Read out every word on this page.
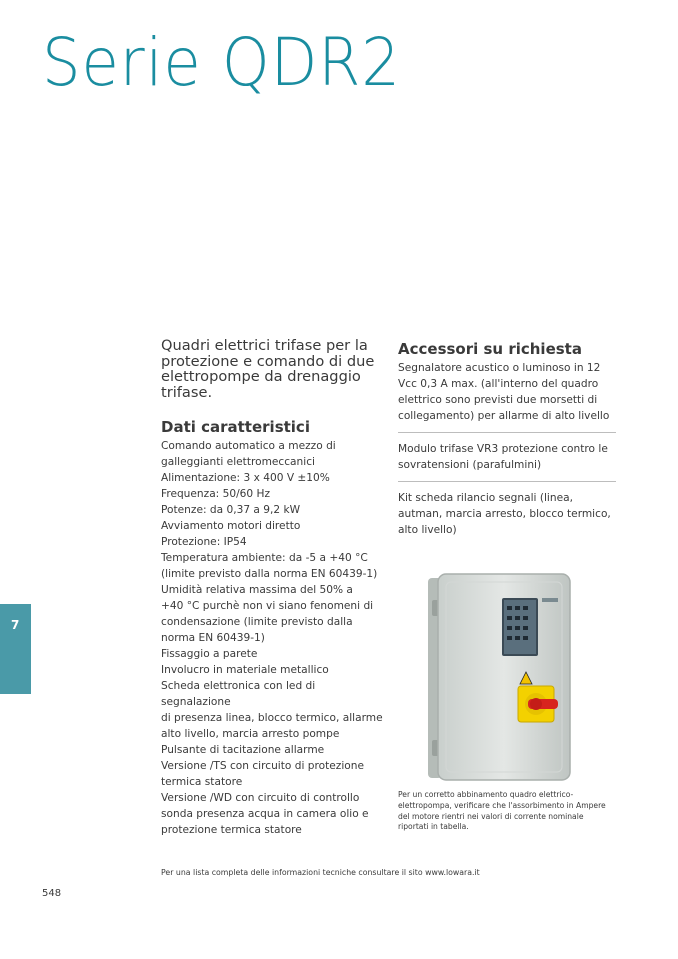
Serie QDR2

Quadri elettrici trifase per la protezione e comando di due elettropompe da drenaggio trifase.

Dati caratteristici
Comando automatico a mezzo di
galleggianti elettromeccanici
Alimentazione: 3 x 400 V ±10%
Frequenza: 50/60 Hz
Potenze: da 0,37 a 9,2 kW
Avviamento motori diretto
Protezione: IP54
Temperatura ambiente: da -5 a +40 °C
(limite previsto dalla norma EN 60439-1)
Umidità relativa massima del 50% a
+40 °C purchè non vi siano fenomeni di
condensazione (limite previsto dalla
norma EN 60439-1)
Fissaggio a parete
Involucro in materiale metallico
Scheda elettronica con led di
segnalazione
di presenza linea, blocco termico, allarme
alto livello, marcia arresto pompe
Pulsante di tacitazione allarme
Versione /TS con circuito di protezione
termica statore
Versione /WD con circuito di controllo
sonda presenza acqua in camera olio e
protezione termica statore
Accessori su richiesta
Segnalatore acustico o luminoso in 12 Vcc 0,3 A max. (all'interno del quadro elettrico sono previsti due morsetti di collegamento) per allarme di alto livello
Modulo trifase VR3 protezione contro le sovratensioni (parafulmini)
Kit scheda rilancio segnali (linea, autman, marcia arresto, blocco termico, alto livello)

Per un corretto abbinamento quadro elettrico-elettropompa, verificare che l'assorbimento in Ampere del motore rientri nei valori di corrente nominale riportati in tabella.

Per una lista completa delle informazioni tecniche consultare il sito www.lowara.it

548
7
